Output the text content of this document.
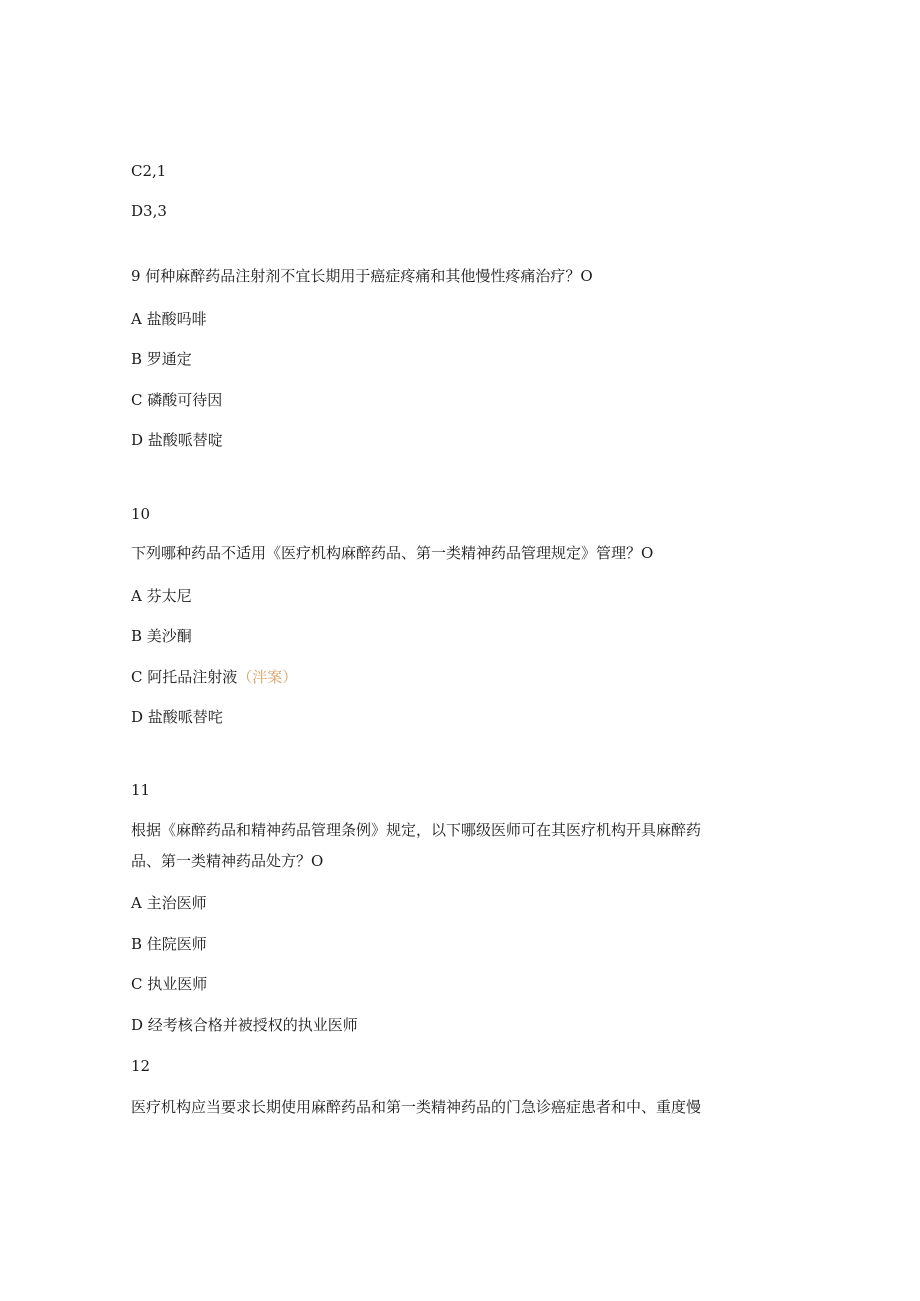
C2,1
D3,3
9 何种麻醉药品注射剂不宜长期用于癌症疼痛和其他慢性疼痛治疗？O
A 盐酸吗啡
B 罗通定
C 磷酸可待因
D 盐酸哌替啶
10
下列哪种药品不适用《医疗机构麻醉药品、第一类精神药品管理规定》管理？O
A 芬太尼
B 美沙酮
C 阿托品注射液（泮案）
D 盐酸哌替咤
11
根据《麻醉药品和精神药品管理条例》规定，以下哪级医师可在其医疗机构开具麻醉药
品、第一类精神药品处方？O
A 主治医师
B 住院医师
C 执业医师
D 经考核合格并被授权的执业医师
12
医疗机构应当要求长期使用麻醉药品和第一类精神药品的门急诊癌症患者和中、重度慢
